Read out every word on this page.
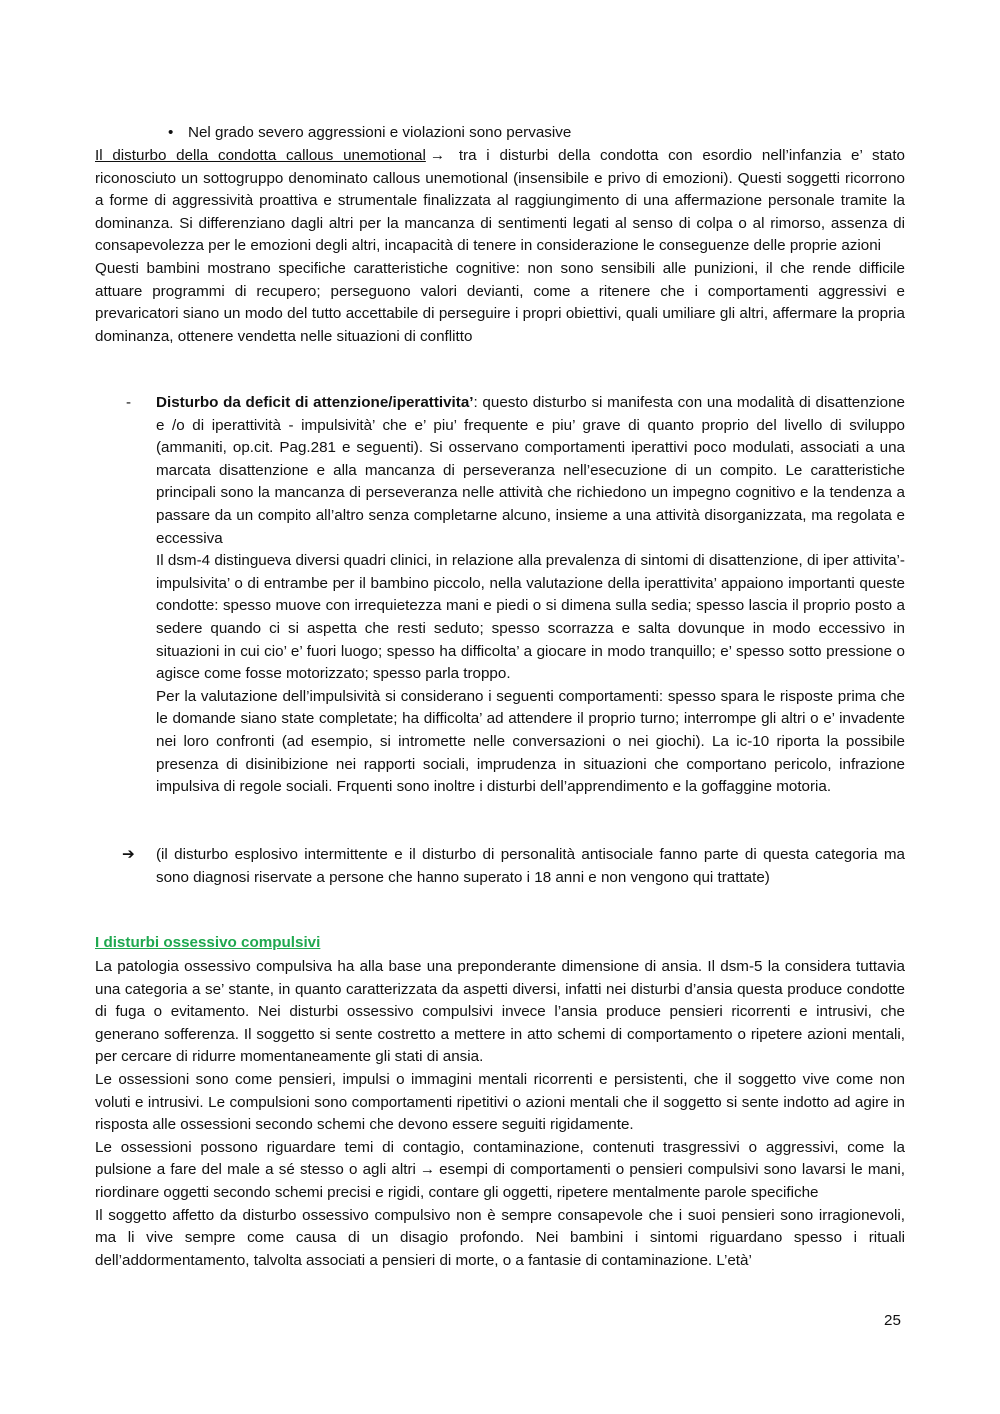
• Nel grado severo aggressioni e violazioni sono pervasive

Il disturbo della condotta callous unemotional → tra i disturbi della condotta con esordio nell’infanzia e’ stato riconosciuto un sottogruppo denominato callous unemotional (insensibile e privo di emozioni). Questi soggetti ricorrono a forme di aggressività proattiva e strumentale finalizzata al raggiungimento di una affermazione personale tramite la dominanza. Si differenziano dagli altri per la mancanza di sentimenti legati al senso di colpa o al rimorso, assenza di consapevolezza per le emozioni degli altri, incapacità di tenere in considerazione le conseguenze delle proprie azioni

Questi bambini mostrano specifiche caratteristiche cognitive: non sono sensibili alle punizioni, il che rende difficile attuare programmi di recupero; perseguono valori devianti, come a ritenere che i comportamenti aggressivi e prevaricatori siano un modo del tutto accettabile di perseguire i propri obiettivi, quali umiliare gli altri, affermare la propria dominanza, ottenere vendetta nelle situazioni di conflitto

- Disturbo da deficit di attenzione/iperattivita’: questo disturbo si manifesta con una modalità di disattenzione e /o di iperattività - impulsività’ che e’ piu’ frequente e piu’ grave di quanto proprio del livello di sviluppo (ammaniti, op.cit. Pag.281 e seguenti). Si osservano comportamenti iperattivi poco modulati, associati a una marcata disattenzione e alla mancanza di perseveranza nell’esecuzione di un compito. Le caratteristiche principali sono la mancanza di perseveranza nelle attività che richiedono un impegno cognitivo e la tendenza a passare da un compito all’altro senza completarne alcuno, insieme a una attività disorganizzata, ma regolata e eccessiva

Il dsm-4 distingueva diversi quadri clinici, in relazione alla prevalenza di sintomi di disattenzione, di iper attivita’- impulsivita’ o di entrambe per il bambino piccolo, nella valutazione della iperattivita’ appaiono importanti queste condotte: spesso muove con irrequietezza mani e piedi o si dimena sulla sedia; spesso lascia il proprio posto a sedere quando ci si aspetta che resti seduto; spesso scorrazza e salta dovunque in modo eccessivo in situazioni in cui cio’ e’ fuori luogo; spesso ha difficolta’ a giocare in modo tranquillo; e’ spesso sotto pressione o agisce come fosse motorizzato; spesso parla troppo.

Per la valutazione dell’impulsività si considerano i seguenti comportamenti: spesso spara le risposte prima che le domande siano state completate; ha difficolta’ ad attendere il proprio turno; interrompe gli altri o e’ invadente nei loro confronti (ad esempio, si intromette nelle conversazioni o nei giochi). La ic-10 riporta la possibile presenza di disinibizione nei rapporti sociali, imprudenza in situazioni che comportano pericolo, infrazione impulsiva di regole sociali. Frquenti sono inoltre i disturbi dell’apprendimento e la goffaggine motoria.

➔ (il disturbo esplosivo intermittente e il disturbo di personalità antisociale fanno parte di questa categoria ma sono diagnosi riservate a persone che hanno superato i 18 anni e non vengono qui trattate)

I disturbi ossessivo compulsivi

La patologia ossessivo compulsiva ha alla base una preponderante dimensione di ansia. Il dsm-5 la considera tuttavia una categoria a se’ stante, in quanto caratterizzata da aspetti diversi, infatti nei disturbi d’ansia questa produce condotte di fuga o evitamento. Nei disturbi ossessivo compulsivi invece l’ansia produce pensieri ricorrenti e intrusivi, che generano sofferenza. Il soggetto si sente costretto a mettere in atto schemi di comportamento o ripetere azioni mentali, per cercare di ridurre momentaneamente gli stati di ansia.

Le ossessioni sono come pensieri, impulsi o immagini mentali ricorrenti e persistenti, che il soggetto vive come non voluti e intrusivi. Le compulsioni sono comportamenti ripetitivi o azioni mentali che il soggetto si sente indotto ad agire in risposta alle ossessioni secondo schemi che devono essere seguiti rigidamente.

Le ossessioni possono riguardare temi di contagio, contaminazione, contenuti trasgressivi o aggressivi, come la pulsione a fare del male a sé stesso o agli altri → esempi di comportamenti o pensieri compulsivi sono lavarsi le mani, riordinare oggetti secondo schemi precisi e rigidi, contare gli oggetti, ripetere mentalmente parole specifiche

Il soggetto affetto da disturbo ossessivo compulsivo non è sempre consapevole che i suoi pensieri sono irragionevoli, ma li vive sempre come causa di un disagio profondo. Nei bambini i sintomi riguardano spesso i rituali dell’addormentamento, talvolta associati a pensieri di morte, o a fantasie di contaminazione. L’età’

25
